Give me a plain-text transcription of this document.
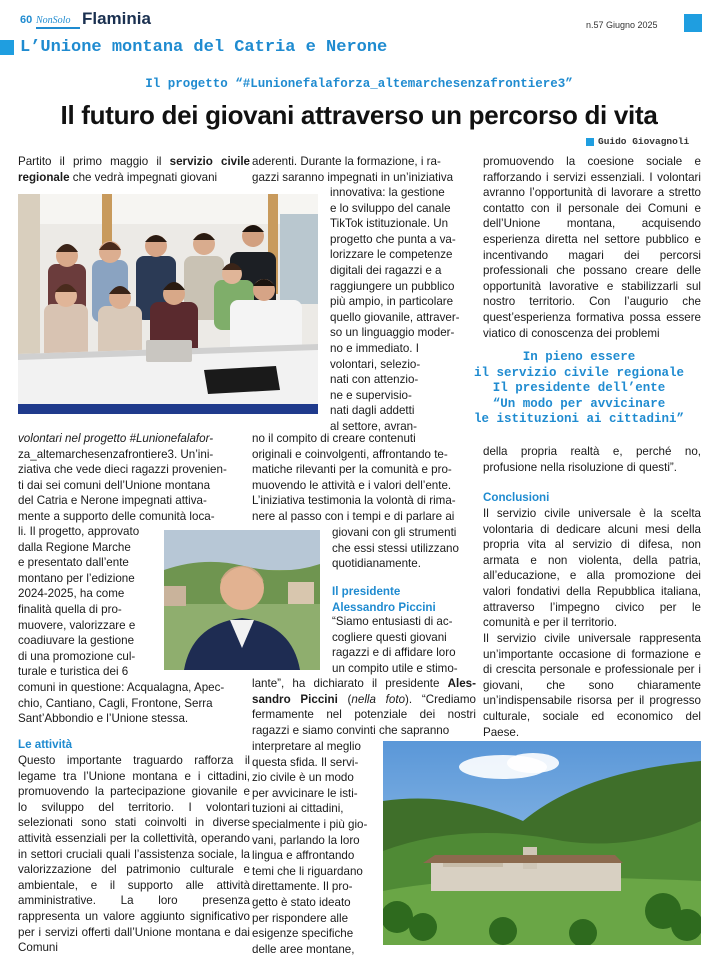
60 NonSolo Flaminia	n.57 Giugno 2025
L’Unione montana del Catria e Nerone
Il progetto “#Lunionefalaforza_altemarchesenzafrontiere3”
Il futuro dei giovani attraverso un percorso di vita
Guido Giovagnoli
Partito il primo maggio il servizio civile regionale che vedrà impegnati giovani

volontari nel progetto #Lunionefalafor-

za_altemarchesenzafrontiere3. Un’ini-

ziativa che vede dieci ragazzi provenien-

ti dai sei comuni dell’Unione montana

del Catria e Nerone impegnati attiva-

mente a supporto delle comunità loca-

li. Il progetto, approvato

dalla Regione Marche

e presentato dall’ente

montano per l’edizione

2024-2025, ha come

finalità quella di pro-

muovere, valorizzare e

coadiuvare la gestione

di una promozione cul-

turale e turistica dei 6

comuni in questione: Acqualagna, Apec-

chio, Cantiano, Cagli, Frontone, Serra

Sant’Abbondio e l’Unione stessa.

Le attività
Questo importante traguardo rafforza il legame tra l’Unione montana e i cittadini, promuovendo la partecipazione giovanile e lo sviluppo del territorio. I volontari selezionati sono stati coinvolti in diverse attività essenziali per la collettività, operando in settori cruciali quali l’assistenza sociale, la valorizzazione del patrimonio culturale e ambientale, e il supporto alle attività amministrative. La loro presenza rappresenta un valore aggiunto significativo per i servizi offerti dall’Unione montana e dai Comuni

aderenti. Durante la formazione, i ra-

gazzi saranno impegnati in un’iniziativa

innovativa: la gestione

e lo sviluppo del canale

TikTok istituzionale. Un

progetto che punta a va-

lorizzare le competenze

digitali dei ragazzi e a

raggiungere un pubblico

più ampio, in particolare

quello giovanile, attraver-

so un linguaggio moder-

no e immediato. I

volontari, selezio-

nati con attenzio-

ne e supervisio-

nati dagli addetti

al settore, avran-

no il compito di creare contenuti

originali e coinvolgenti, affrontando te-

matiche rilevanti per la comunità e pro-

muovendo le attività e i valori dell’ente.

L’iniziativa testimonia la volontà di rima-

nere al passo con i tempi e di parlare ai

giovani con gli strumenti

che essi stessi utilizzano

quotidianamente.

Il presidente

Alessandro Piccini

“Siamo entusiasti di ac-

cogliere questi giovani

ragazzi e di affidare loro

un compito utile e stimo-

lante”, ha dichiarato il presidente Ales-sandro Piccini (nella foto). “Crediamo fermamente nel potenziale dei nostri ragazzi e siamo convinti che sapranno

interpretare al meglio

questa sfida. Il servi-

zio civile è un modo

per avvicinare le isti-

tuzioni ai cittadini,

specialmente i più gio-

vani, parlando la loro

lingua e affrontando

temi che li riguardano

direttamente. Il pro-

getto è stato ideato

per rispondere alle

esigenze specifiche

delle aree montane,

promuovendo la coesione sociale e rafforzando i servizi essenziali. I volontari avranno l’opportunità di lavorare a stretto contatto con il personale dei Comuni e dell’Unione montana, acquisendo esperienza diretta nel settore pubblico e incentivando magari dei percorsi professionali che possano creare delle opportunità lavorative e stabilizzarli sul nostro territorio. Con l’augurio che quest’esperienza formativa possa essere viatico di conoscenza dei problemi

In pieno essere

il servizio civile regionale

Il presidente dell’ente

“Un modo per avvicinare

le istituzioni ai cittadini”

della propria realtà e, perché no, profusione nella risoluzione di questi”.
Conclusioni
Il servizio civile universale è la scelta volontaria di dedicare alcuni mesi della propria vita al servizio di difesa, non armata e non violenta, della patria, all’educazione, e alla promozione dei valori fondativi della Repubblica italiana, attraverso l’impegno civico per le comunità e per il territorio.
Il servizio civile universale rappresenta un’importante occasione di formazione e di crescita personale e professionale per i giovani, che sono chiaramente un’indispensabile risorsa per il progresso culturale, sociale ed economico del Paese.
